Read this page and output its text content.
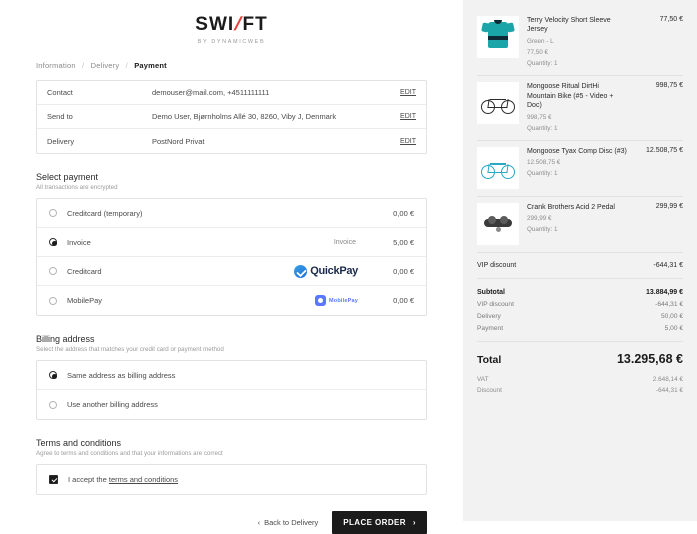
SWI/FT
BY DYNAMICWEB
Information / Delivery / Payment
Contact	demouser@mail.com, +4511111111	EDIT
Send to	Demo User, Bjørnholms Allé 30, 8260, Viby J, Denmark	EDIT
Delivery	PostNord Privat	EDIT
Select payment
All transactions are encrypted
Creditcard (temporary)	0,00 €
Invoice	Invoice	5,00 €
Creditcard	QuickPay	0,00 €
MobilePay	MobilePay	0,00 €
Billing address
Select the address that matches your credit card or payment method
Same address as billing address
Use another billing address
Terms and conditions
Agree to terms and conditions and that your informations are correct
I accept the terms and conditions
‹ Back to Delivery	PLACE ORDER ›
Terry Velocity Short Sleeve Jersey
Green - L
77,50 €
Quantity: 1
77,50 €
Mongoose Ritual DirtHi Mountain Bike (#5 - Video + Doc)
998,75 €
Quantity: 1
998,75 €
Mongoose Tyax Comp Disc (#3)
12.508,75 €
Quantity: 1
12.508,75 €
Crank Brothers Acid 2 Pedal
299,99 €
Quantity: 1
299,99 €
VIP discount	-644,31 €
Subtotal	13.884,99 €
VIP discount	-644,31 €
Delivery	50,00 €
Payment	5,00 €
Total	13.295,68 €
VAT	2.648,14 €
Discount	-644,31 €
